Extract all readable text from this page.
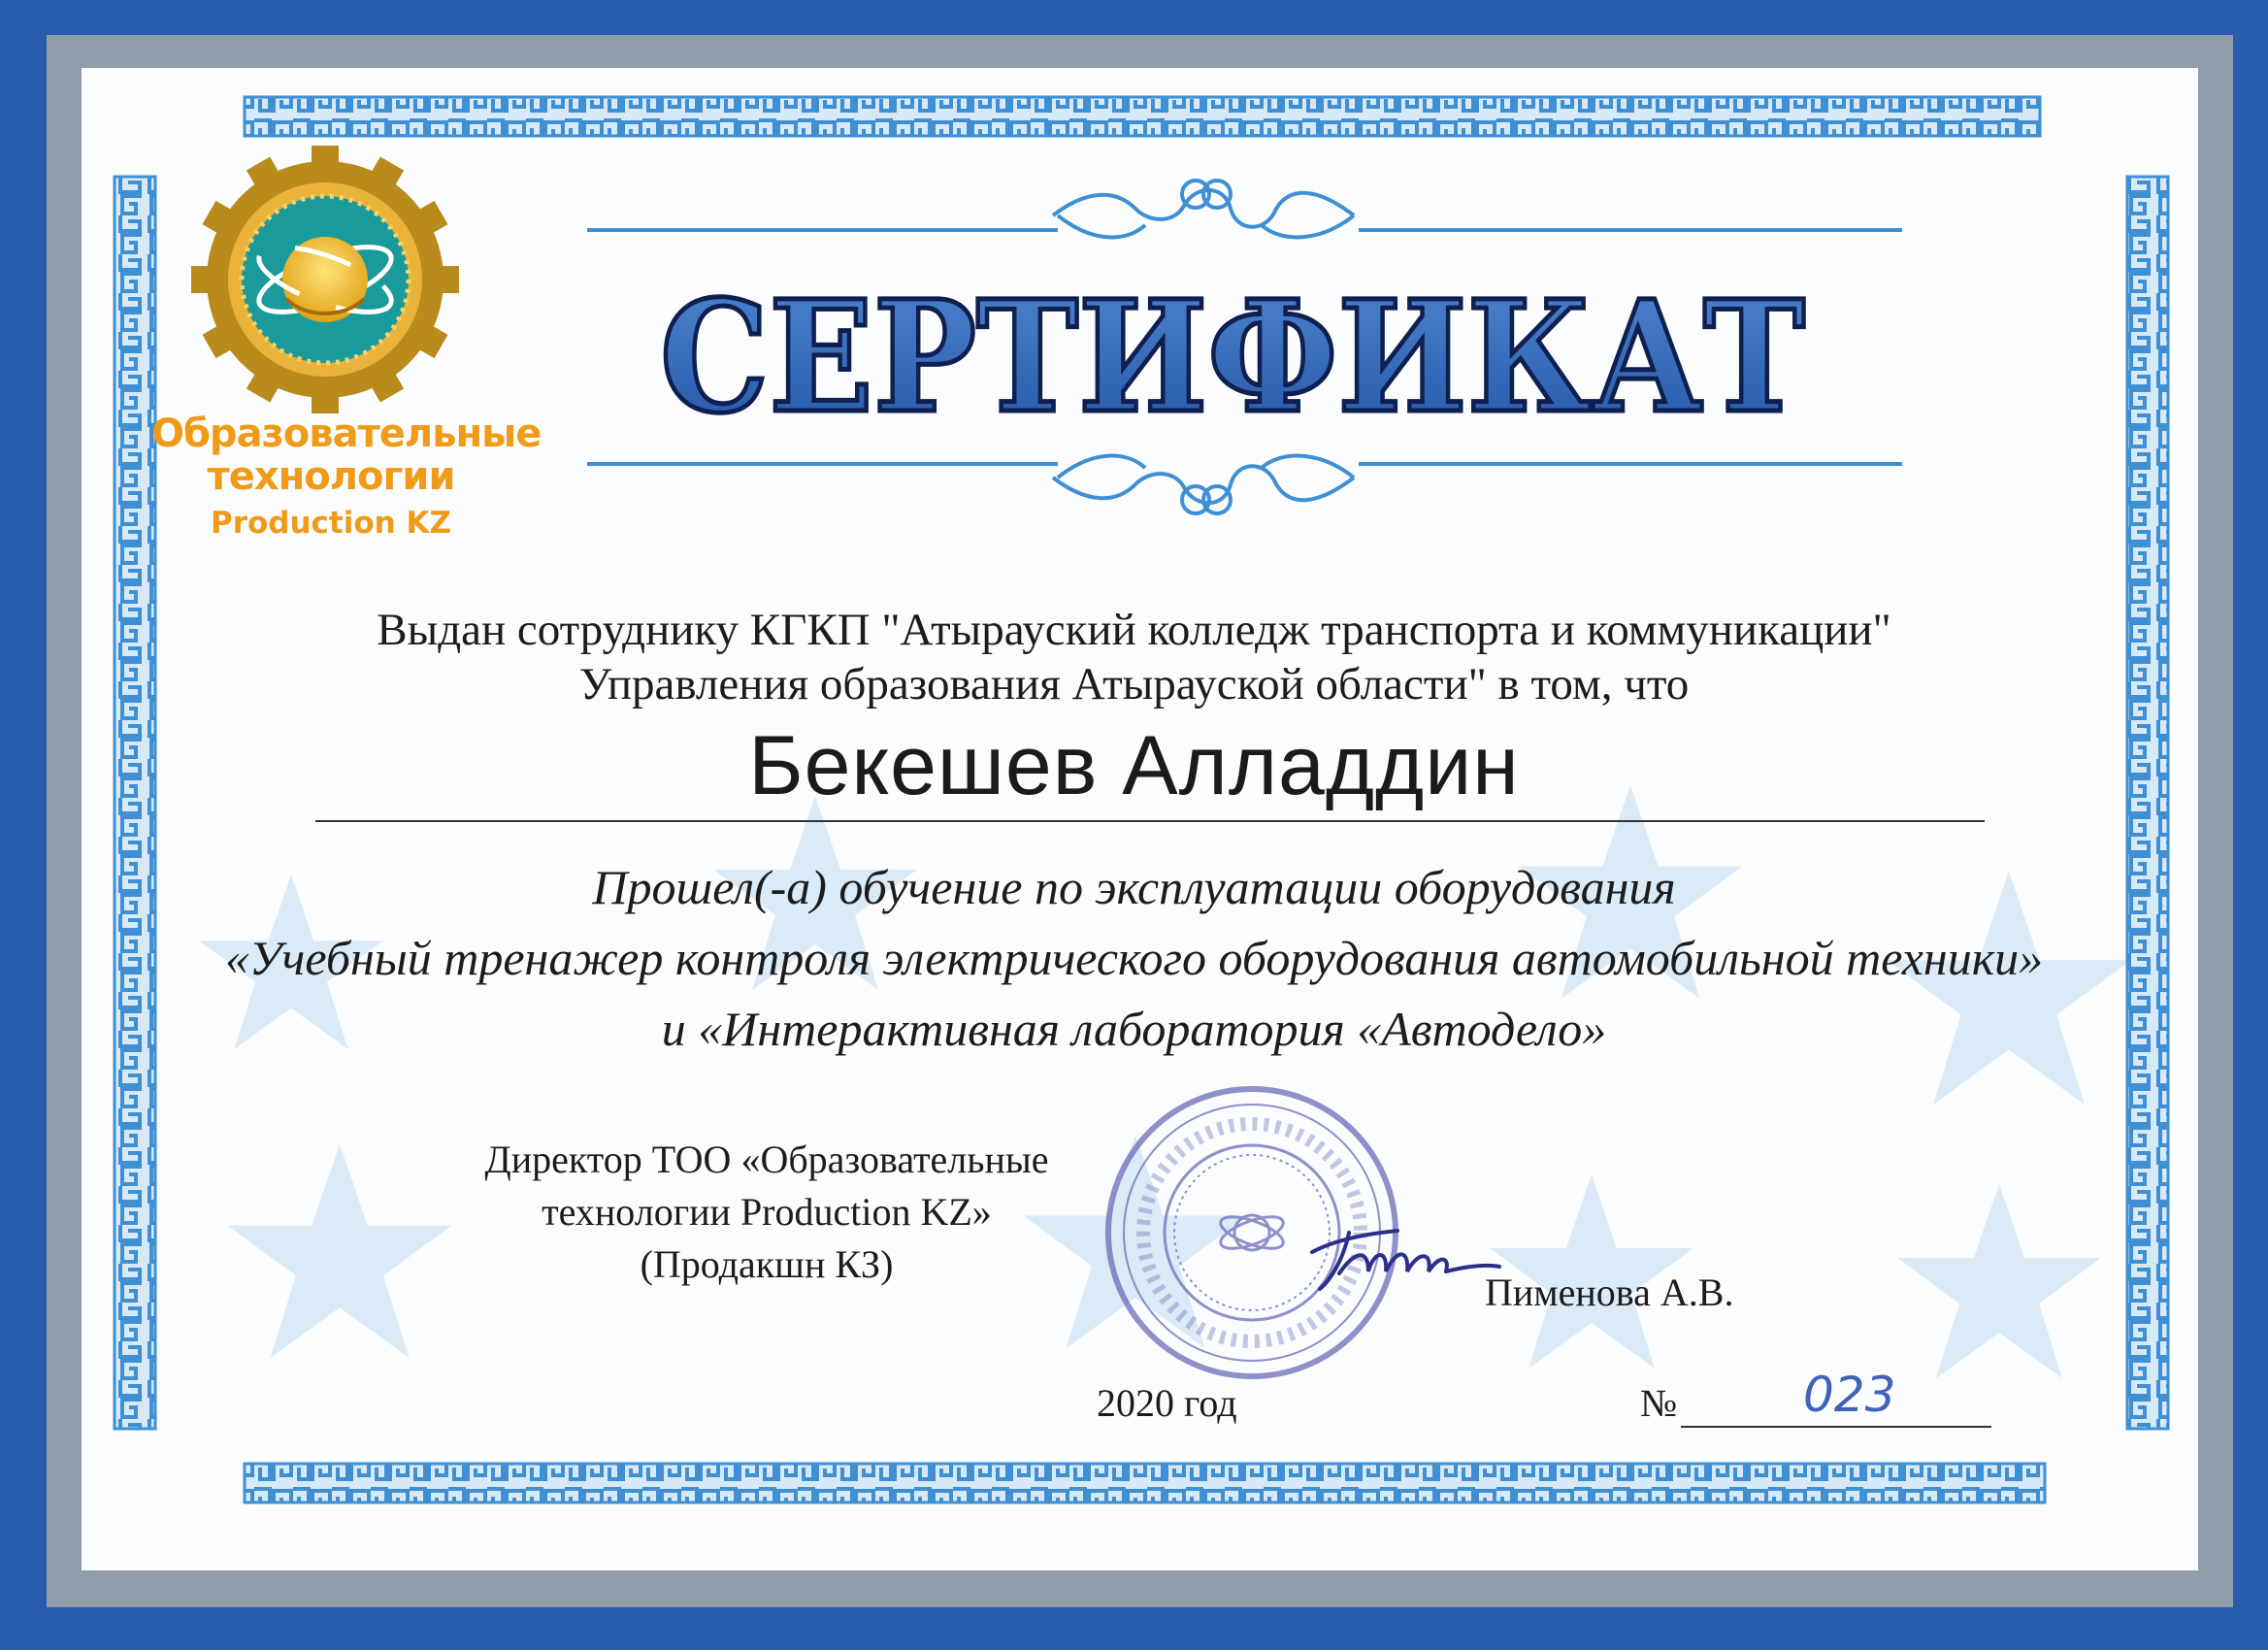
СЕРТИФИКАТ
Образовательные
технологии
Production KZ
Выдан сотруднику КГКП "Атырауский колледж транспорта и коммуникации"
Управления образования Атырауской области" в том, что
Бекешев Алладдин
Прошел(-а) обучение по эксплуатации оборудования
«Учебный тренажер контроля электрического оборудования автомобильной техники»
и «Интерактивная лаборатория «Автодело»
Директор ТОО «Образовательные
технологии Production KZ»
(Продакшн КЗ)
Пименова А.В.
2020 год	№	023
